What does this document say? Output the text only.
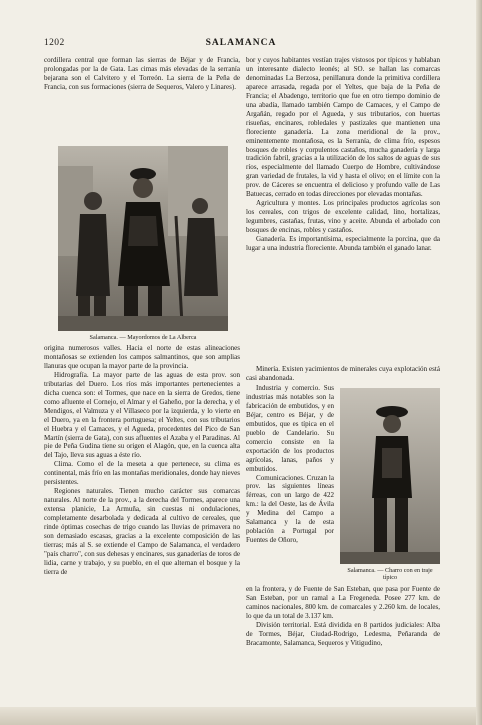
1202	SALAMANCA

cordillera central que forman las sierras de Béjar y de Francia, prolongadas por la de Gata. Las cimas más elevadas de la serranía bejarana son el Calvitero y el Torreón. La sierra de la Peña de Francia, con sus formaciones (sierra de Sequeros, Valero y Linares).

Salamanca. — Mayordomos de La Alberca

origina numerosos valles. Hacia el norte de estas alineaciones montañosas se extienden los campos salmantinos, que son amplias llanuras que ocupan la mayor parte de la provincia.

Hidrografía. La mayor parte de las aguas de esta prov. son tributarias del Duero. Los ríos más importantes pertenecientes a dicha cuenca son: el Tormes, que nace en la sierra de Gredos, tiene como afluente el Cornejo, el Almar y el Gaheño, por la derecha, y el Mendigos, el Valmuza y el Villaseco por la izquierda, y lo vierte en el Duero, ya en la frontera portuguesa; el Yeltes, con sus tributarios el Huebra y el Camaces, y el Agueda, procedentes del Pico de San Martín (sierra de Gata), con sus afluentes el Azaba y el Paradinas. Al pie de Peña Gudina tiene su origen el Alagón, que, en la cuenca alta del Tajo, lleva sus aguas a éste río.

Clima. Como el de la meseta a que pertenece, su clima es continental, más frío en las montañas meridionales, donde hay nieves persistentes.

Regiones naturales. Tienen mucho carácter sus comarcas naturales. Al norte de la prov., a la derecha del Tormes, aparece una extensa planicie, La Armuña, sin cuestas ni ondulaciones, completamente desarbolada y dedicada al cultivo de cereales, que rinde óptimas cosechas de trigo cuando las lluvias de primavera no son demasiado escasas, gracias a la excelente composición de las tierras; más al S. se extiende el Campo de Salamanca, el verdadero "país charro", con sus dehesas y encinares, sus ganaderías de toros de lidia, carne y trabajo, y su pueblo, en el que alternan el bosque y la tierra de

bor y cuyos habitantes vestían trajes vistosos por típicos y hablaban un interesante dialecto leonés; al SO. se hallan las comarcas denominadas La Berzosa, penillanura donde la primitiva cordillera aparece arrasada, regada por el Yeltes, que baja de la Peña de Francia; el Abadengo, territorio que fue en otro tiempo dominio de una abadía, llamado también Campo de Camaces, y el Campo de Argañán, regado por el Agueda, y sus tributarios, con huertas risueñas, encinares, robledales y pastizales que mantienen una floreciente ganadería. La zona meridional de la prov., eminentemente montañosa, es la Serranía, de clima frío, espesos bosques de robles y corpulentos castaños, mucha ganadería y larga tradición fabril, gracias a la utilización de los saltos de aguas de sus ríos, especialmente del llamado Cuerpo de Hombre, cultivándose gran variedad de frutales, la vid y hasta el olivo; en el límite con la prov. de Cáceres se encuentra el delicioso y profundo valle de Las Batuecas, cerrado en todas direcciones por elevadas montañas.

Agricultura y montes. Los principales productos agrícolas son los cereales, con trigos de excelente calidad, lino, hortalizas, legumbres, castañas, frutas, vino y aceite. Abunda el arbolado con bosques de encinas, robles y castaños.

Ganadería. Es importantísima, especialmente la porcina, que da lugar a una industria floreciente. Abunda también el ganado lanar.

Minería. Existen yacimientos de minerales cuya explotación está casi abandonada.

Industria y comercio. Sus industrias más notables son la fabricación de embutidos, y en Béjar, centro es Béjar, y de embutidos, que es típica en el pueblo de Candelario. Su comercio consiste en la exportación de los productos agrícolas, lanas, paños y embutidos.

Comunicaciones. Cruzan la prov. las siguientes líneas férreas, con un largo de 422 km.: la del Oeste, las de Ávila y Medina del Campo a Salamanca y la de esta población a Portugal por Fuentes de Oñoro,

Salamanca. — Charro con en traje típico

en la frontera, y de Fuente de San Esteban, que pasa por Fuente de San Esteban, por un ramal a La Fregeneda. Posee 277 km. de caminos nacionales, 800 km. de comarcales y 2.260 km. de locales, lo que da un total de 3.137 km.

División territorial. Está dividida en 8 partidos judiciales: Alba de Tormes, Béjar, Ciudad-Rodrigo, Ledesma, Peñaranda de Bracamonte, Salamanca, Sequeros y Vitigudino,
